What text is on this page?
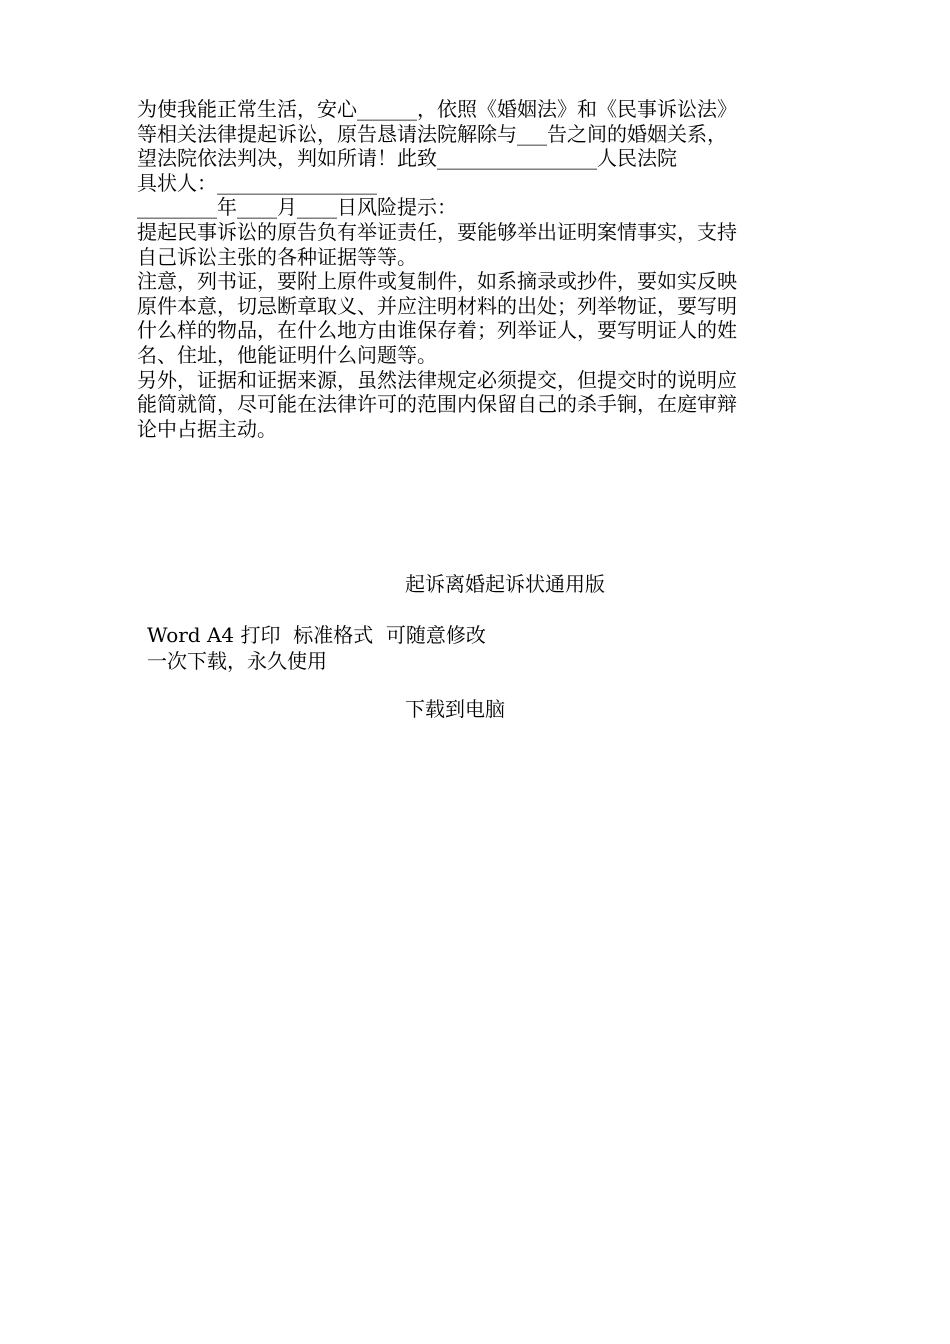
为使我能正常生活，安心______，依照《婚姻法》和《民事诉讼法》
等相关法律提起诉讼，原告恳请法院解除与___告之间的婚姻关系，
望法院依法判决，判如所请！此致________________人民法院
具状人：________________
________年____月____日风险提示：
提起民事诉讼的原告负有举证责任，要能够举出证明案情事实，支持
自己诉讼主张的各种证据等等。
注意，列书证，要附上原件或复制件，如系摘录或抄件，要如实反映
原件本意，切忌断章取义、并应注明材料的出处；列举物证，要写明
什么样的物品，在什么地方由谁保存着；列举证人，要写明证人的姓
名、住址，他能证明什么问题等。
另外，证据和证据来源，虽然法律规定必须提交，但提交时的说明应
能简就简，尽可能在法律许可的范围内保留自己的杀手锏，在庭审辩
论中占据主动。
起诉离婚起诉状通用版
Word A4 打印  标准格式  可随意修改
一次下载，永久使用
下载到电脑
